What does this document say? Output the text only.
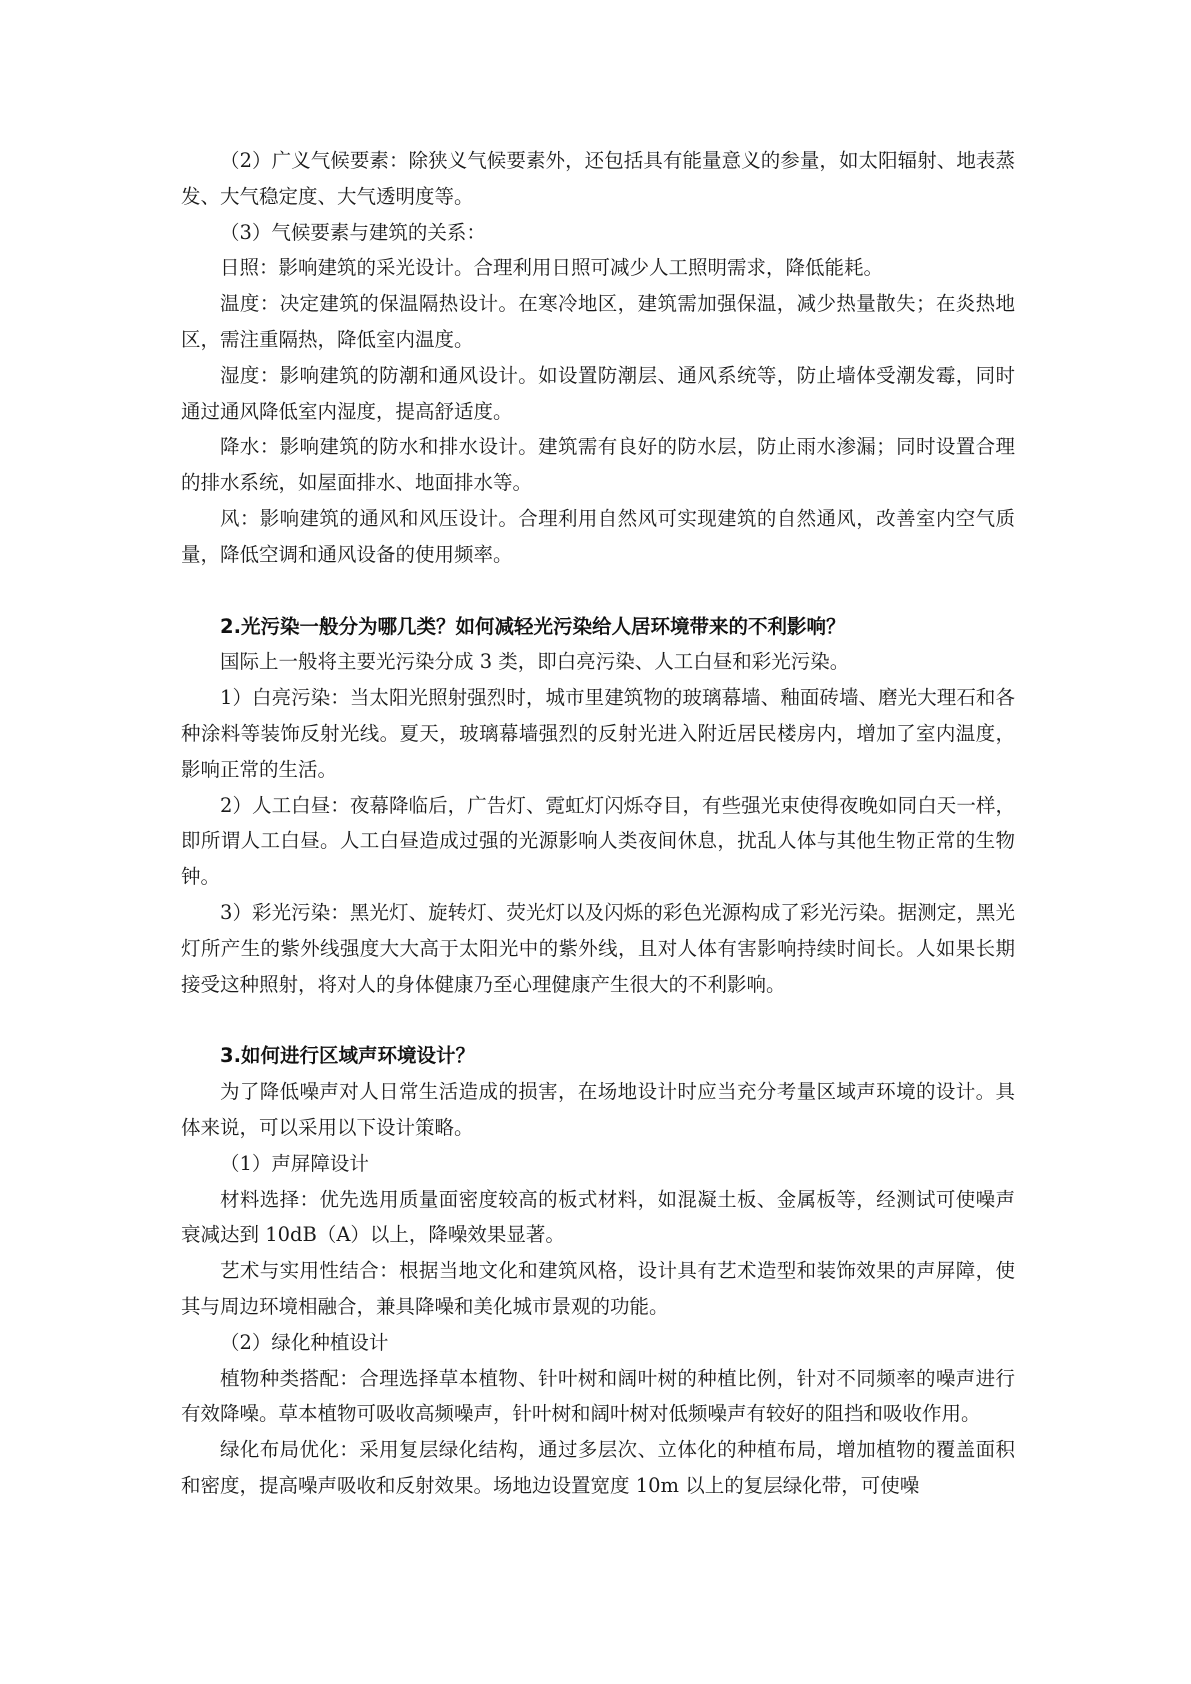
（2）广义气候要素：除狭义气候要素外，还包括具有能量意义的参量，如太阳辐射、地表蒸发、大气稳定度、大气透明度等。

（3）气候要素与建筑的关系：

日照：影响建筑的采光设计。合理利用日照可减少人工照明需求，降低能耗。

温度：决定建筑的保温隔热设计。在寒冷地区，建筑需加强保温，减少热量散失；在炎热地区，需注重隔热，降低室内温度。

湿度：影响建筑的防潮和通风设计。如设置防潮层、通风系统等，防止墙体受潮发霉，同时通过通风降低室内湿度，提高舒适度。

降水：影响建筑的防水和排水设计。建筑需有良好的防水层，防止雨水渗漏；同时设置合理的排水系统，如屋面排水、地面排水等。

风：影响建筑的通风和风压设计。合理利用自然风可实现建筑的自然通风，改善室内空气质量，降低空调和通风设备的使用频率。

2.光污染一般分为哪几类？如何减轻光污染给人居环境带来的不利影响？

国际上一般将主要光污染分成 3 类，即白亮污染、人工白昼和彩光污染。

1）白亮污染：当太阳光照射强烈时，城市里建筑物的玻璃幕墙、釉面砖墙、磨光大理石和各种涂料等装饰反射光线。夏天，玻璃幕墙强烈的反射光进入附近居民楼房内，增加了室内温度，影响正常的生活。

2）人工白昼：夜幕降临后，广告灯、霓虹灯闪烁夺目，有些强光束使得夜晚如同白天一样，即所谓人工白昼。人工白昼造成过强的光源影响人类夜间休息，扰乱人体与其他生物正常的生物钟。

3）彩光污染：黑光灯、旋转灯、荧光灯以及闪烁的彩色光源构成了彩光污染。据测定，黑光灯所产生的紫外线强度大大高于太阳光中的紫外线，且对人体有害影响持续时间长。人如果长期接受这种照射，将对人的身体健康乃至心理健康产生很大的不利影响。

3.如何进行区域声环境设计？

为了降低噪声对人日常生活造成的损害，在场地设计时应当充分考量区域声环境的设计。具体来说，可以采用以下设计策略。

（1）声屏障设计

材料选择：优先选用质量面密度较高的板式材料，如混凝土板、金属板等，经测试可使噪声衰减达到 10dB（A）以上，降噪效果显著。

艺术与实用性结合：根据当地文化和建筑风格，设计具有艺术造型和装饰效果的声屏障，使其与周边环境相融合，兼具降噪和美化城市景观的功能。

（2）绿化种植设计

植物种类搭配：合理选择草本植物、针叶树和阔叶树的种植比例，针对不同频率的噪声进行有效降噪。草本植物可吸收高频噪声，针叶树和阔叶树对低频噪声有较好的阻挡和吸收作用。

绿化布局优化：采用复层绿化结构，通过多层次、立体化的种植布局，增加植物的覆盖面积和密度，提高噪声吸收和反射效果。场地边设置宽度 10m 以上的复层绿化带，可使噪
